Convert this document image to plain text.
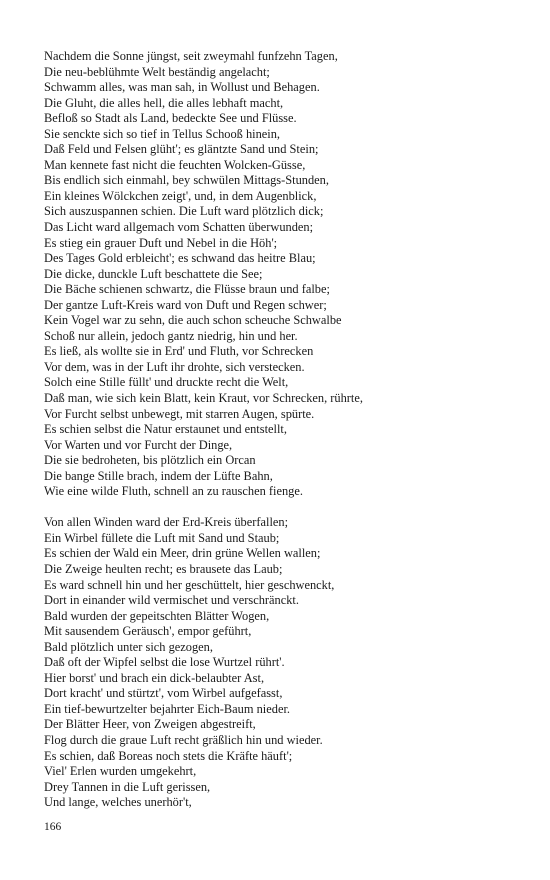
Nachdem die Sonne jüngst, seit zweymahl funfzehn Tagen,
Die neu-beblühmte Welt beständig angelacht;
Schwamm alles, was man sah, in Wollust und Behagen.
Die Gluht, die alles hell, die alles lebhaft macht,
Befloß so Stadt als Land, bedeckte See und Flüsse.
Sie senckte sich so tief in Tellus Schooß hinein,
Daß Feld und Felsen glüht'; es gläntzte Sand und Stein;
Man kennete fast nicht die feuchten Wolcken-Güsse,
Bis endlich sich einmahl, bey schwülen Mittags-Stunden,
Ein kleines Wölckchen zeigt', und, in dem Augenblick,
Sich auszuspannen schien. Die Luft ward plötzlich dick;
Das Licht ward allgemach vom Schatten überwunden;
Es stieg ein grauer Duft und Nebel in die Höh';
Des Tages Gold erbleicht'; es schwand das heitre Blau;
Die dicke, dunckle Luft beschattete die See;
Die Bäche schienen schwartz, die Flüsse braun und falbe;
Der gantze Luft-Kreis ward von Duft und Regen schwer;
Kein Vogel war zu sehn, die auch schon scheuche Schwalbe
Schoß nur allein, jedoch gantz niedrig, hin und her.
Es ließ, als wollte sie in Erd' und Fluth, vor Schrecken
Vor dem, was in der Luft ihr drohte, sich verstecken.
Solch eine Stille füllt' und druckte recht die Welt,
Daß man, wie sich kein Blatt, kein Kraut, vor Schrecken, rührte,
Vor Furcht selbst unbewegt, mit starren Augen, spürte.
Es schien selbst die Natur erstaunet und entstellt,
Vor Warten und vor Furcht der Dinge,
Die sie bedroheten, bis plötzlich ein Orcan
Die bange Stille brach, indem der Lüfte Bahn,
Wie eine wilde Fluth, schnell an zu rauschen fienge.
Von allen Winden ward der Erd-Kreis überfallen;
Ein Wirbel füllete die Luft mit Sand und Staub;
Es schien der Wald ein Meer, drin grüne Wellen wallen;
Die Zweige heulten recht; es brausete das Laub;
Es ward schnell hin und her geschüttelt, hier geschwenckt,
Dort in einander wild vermischet und verschränckt.
Bald wurden der gepeitschten Blätter Wogen,
Mit sausendem Geräusch', empor geführt,
Bald plötzlich unter sich gezogen,
Daß oft der Wipfel selbst die lose Wurtzel rührt'.
Hier borst' und brach ein dick-belaubter Ast,
Dort kracht' und stürtzt', vom Wirbel aufgefasst,
Ein tief-bewurtzelter bejahrter Eich-Baum nieder.
Der Blätter Heer, von Zweigen abgestreift,
Flog durch die graue Luft recht gräßlich hin und wieder.
Es schien, daß Boreas noch stets die Kräfte häuft';
Viel' Erlen wurden umgekehrt,
Drey Tannen in die Luft gerissen,
Und lange, welches unerhör't,
166
